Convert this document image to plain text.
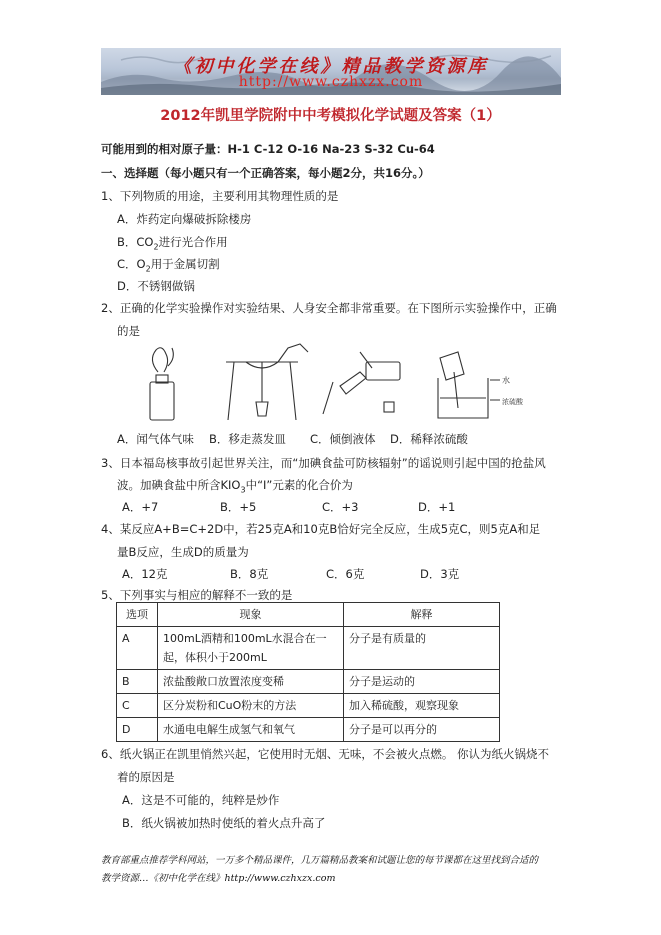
《初中化学在线》精品教学资源库
http://www.czhxzx.com
2012年凯里学院附中中考模拟化学试题及答案（1）
可能用到的相对原子量：H-1 C-12 O-16 Na-23 S-32 Cu-64
一、选择题（每小题只有一个正确答案，每小题2分，共16分。）
1、下列物质的用途，主要利用其物理性质的是
A．炸药定向爆破拆除楼房
B．$CO_2$进行光合作用
C．$O_2$用于金属切割
D．不锈钢做锅
2、正确的化学实验操作对实验结果、人身安全都非常重要。在下图所示实验操作中，正确
的是
水
浓硫酸
A．闻气体气味 B．移走蒸发皿 C．倾倒液体 D．稀释浓硫酸
3、日本福岛核事故引起世界关注，而“加碘食盐可防核辐射”的谣说则引起中国的抢盐风
波。加碘食盐中所含$KIO_3$中“I”元素的化合价为
A．+7	B．+5	C．+3	D．+1
4、某反应A+B=C+2D中，若25克A和10克B恰好完全反应，生成5克C，则5克A和足
量B反应，生成D的质量为
A．12克	B．8克	C．6克	D．3克
5、下列事实与相应的解释不一致的是
选项	现象	解释
A	100mL酒精和100mL水混合在一起，体积小于200mL	分子是有质量的
B	浓盐酸敞口放置浓度变稀	分子是运动的
C	区分炭粉和CuO粉末的方法	加入稀硫酸，观察现象
D	水通电电解生成氢气和氧气	分子是可以再分的
6、纸火锅正在凯里悄然兴起，它使用时无烟、无味，不会被火点燃。 你认为纸火锅烧不
着的原因是
A．这是不可能的，纯粹是炒作
B．纸火锅被加热时使纸的着火点升高了
教育部重点推荐学科网站，一万多个精品课件，几万篇精品教案和试题让您的每节课都在这里找到合适的
教学资源…《初中化学在线》http://www.czhxzx.com
